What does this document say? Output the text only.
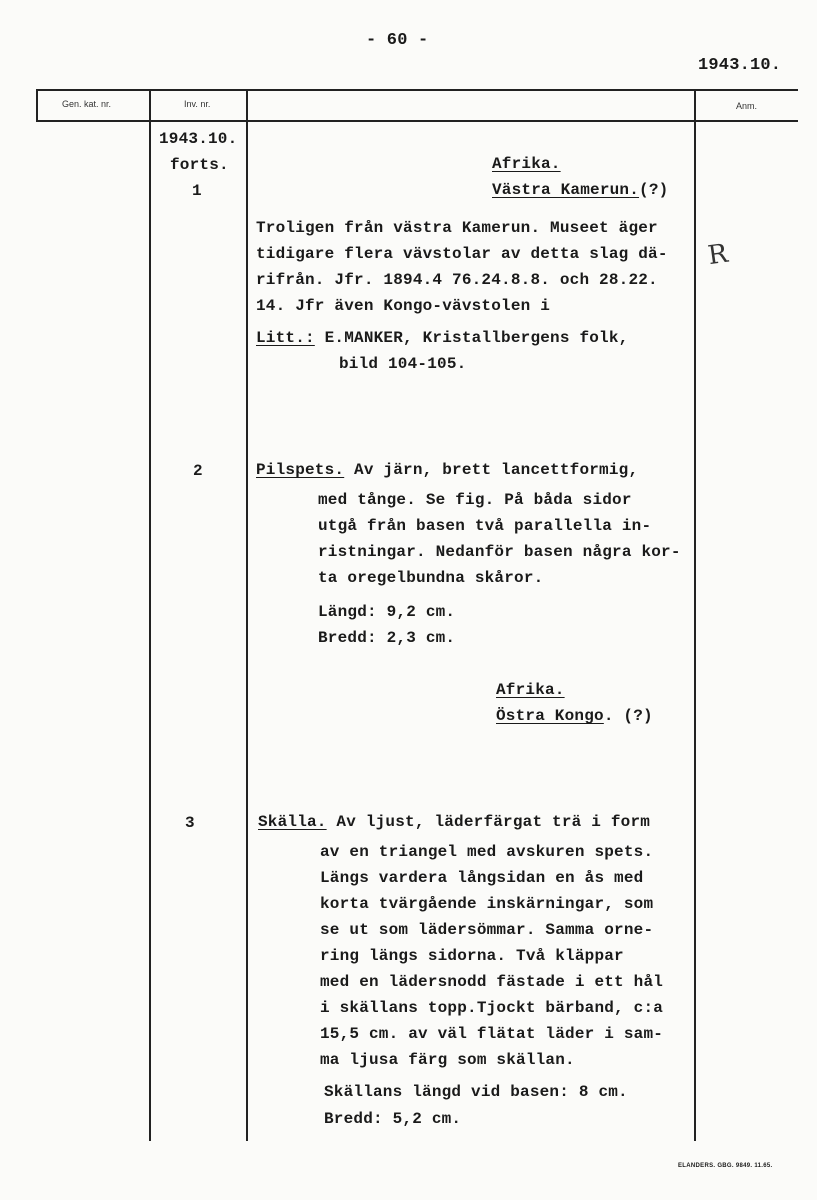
- 60 -
1943.10.
Gen. kat. nr.	Inv. nr.	Anm.
1943.10.
forts.
1
2
3
Afrika.
Västra Kamerun.(?)
Troligen från västra Kamerun. Museet äger
tidigare flera vävstolar av detta slag dä-
rifrån. Jfr. 1894.4 76.24.8.8. och 28.22.
14. Jfr även Kongo-vävstolen i
Litt.: E.MANKER, Kristallbergens folk,
bild 104-105.
R
Pilspets. Av järn, brett lancettformig,
med tånge. Se fig. På båda sidor
utgå från basen två parallella in-
ristningar. Nedanför basen några kor-
ta oregelbundna skåror.
Längd: 9,2 cm.
Bredd: 2,3 cm.
Afrika.
Östra Kongo. (?)
Skälla. Av ljust, läderfärgat trä i form
av en triangel med avskuren spets.
Längs vardera långsidan en ås med
korta tvärgående inskärningar, som
se ut som lädersömmar. Samma orne-
ring längs sidorna. Två kläppar
med en lädersnodd fästade i ett hål
i skällans topp.Tjockt bärband, c:a
15,5 cm. av väl flätat läder i sam-
ma ljusa färg som skällan.
Skällans längd vid basen: 8 cm.
Bredd: 5,2 cm.
ELANDERS. GBG. 9849. 11.65.
